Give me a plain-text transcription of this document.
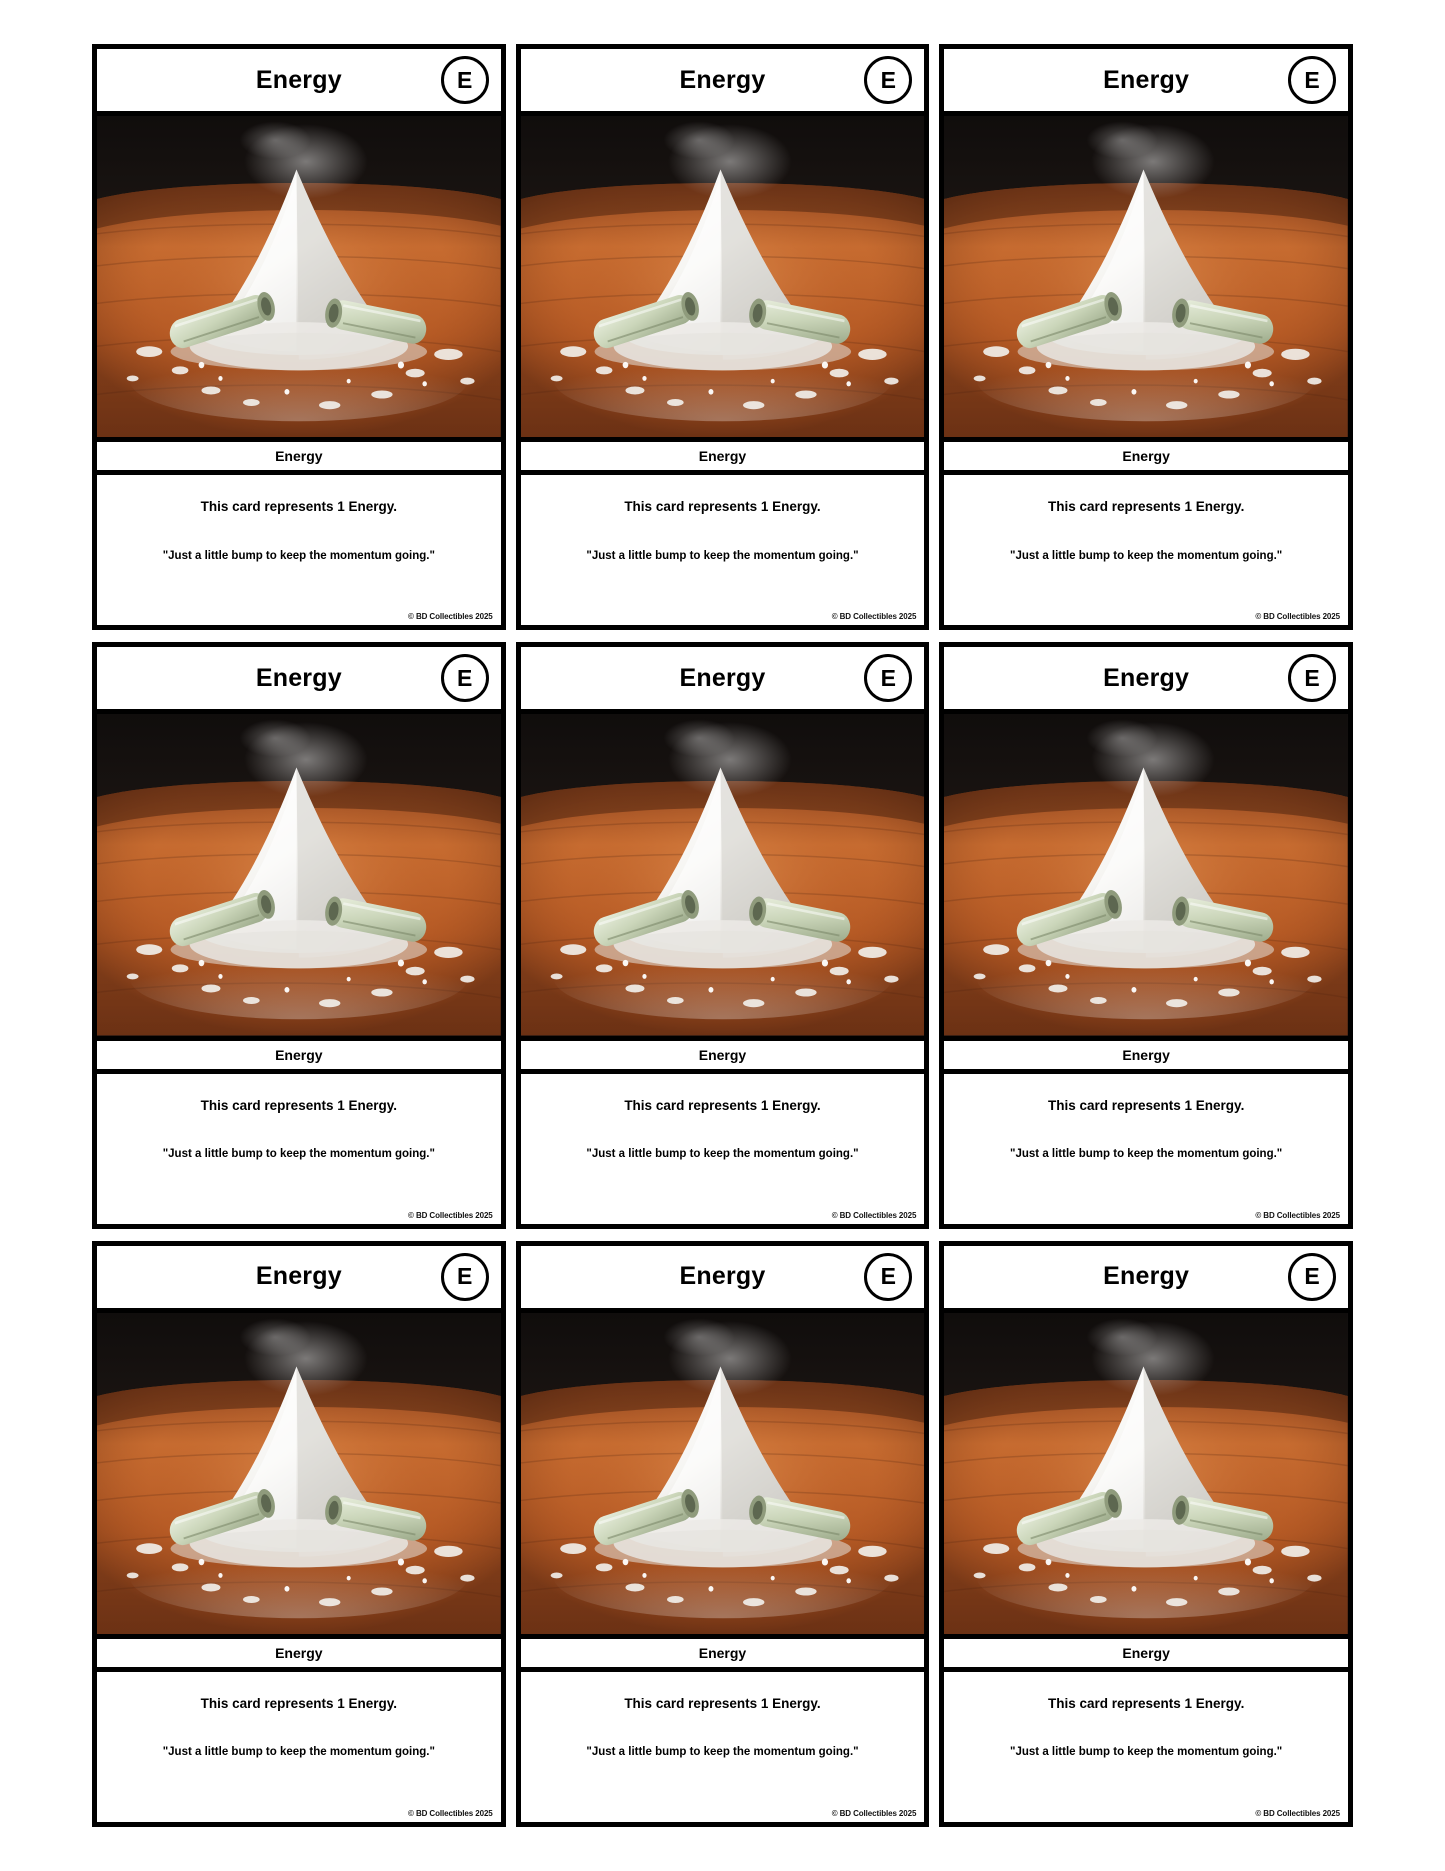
Energy	E
Energy
This card represents 1 Energy.
"Just a little bump to keep the momentum going."
© BD Collectibles 2025
Energy	E
Energy
This card represents 1 Energy.
"Just a little bump to keep the momentum going."
© BD Collectibles 2025
Energy	E
Energy
This card represents 1 Energy.
"Just a little bump to keep the momentum going."
© BD Collectibles 2025
Energy	E
Energy
This card represents 1 Energy.
"Just a little bump to keep the momentum going."
© BD Collectibles 2025
Energy	E
Energy
This card represents 1 Energy.
"Just a little bump to keep the momentum going."
© BD Collectibles 2025
Energy	E
Energy
This card represents 1 Energy.
"Just a little bump to keep the momentum going."
© BD Collectibles 2025
Energy	E
Energy
This card represents 1 Energy.
"Just a little bump to keep the momentum going."
© BD Collectibles 2025
Energy	E
Energy
This card represents 1 Energy.
"Just a little bump to keep the momentum going."
© BD Collectibles 2025
Energy	E
Energy
This card represents 1 Energy.
"Just a little bump to keep the momentum going."
© BD Collectibles 2025
